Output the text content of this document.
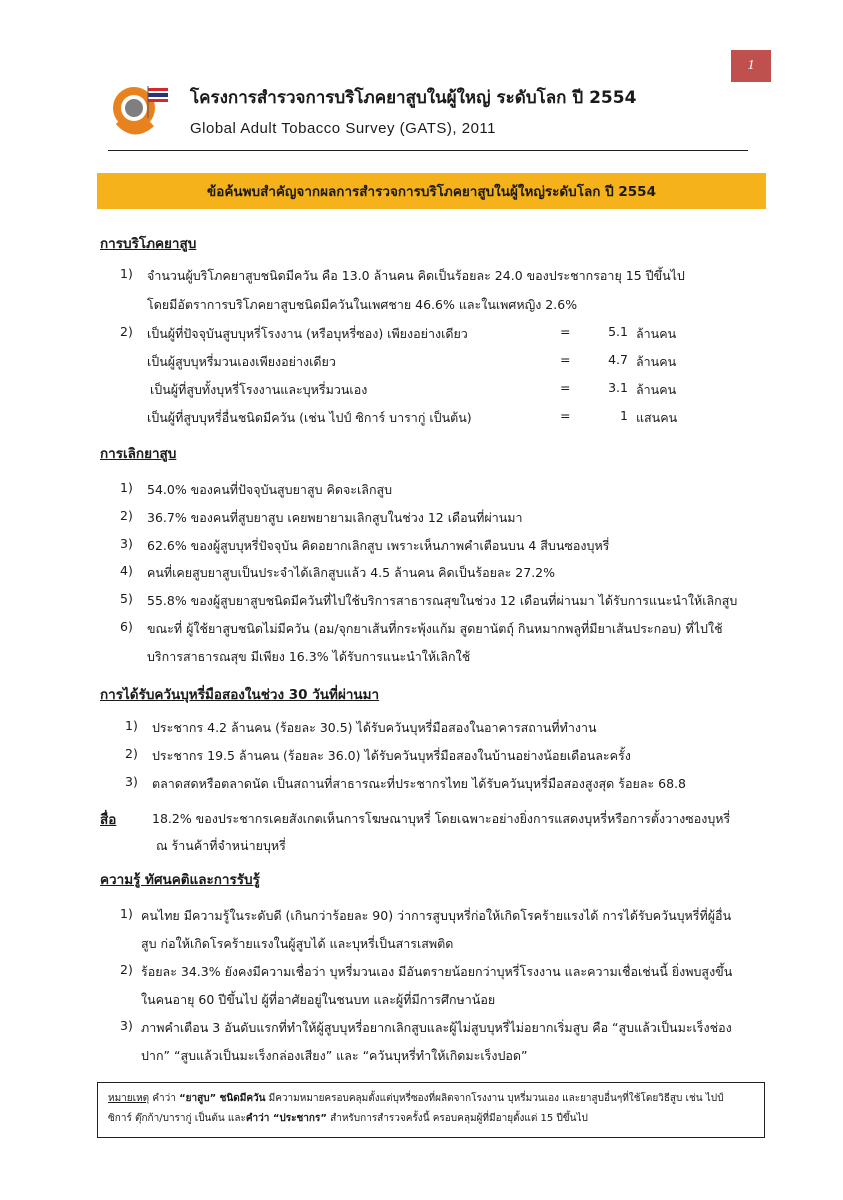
1
โครงการสำรวจการบริโภคยาสูบในผู้ใหญ่ ระดับโลก ปี 2554
Global Adult Tobacco Survey (GATS), 2011
ข้อค้นพบสำคัญจากผลการสำรวจการบริโภคยาสูบในผู้ใหญ่ระดับโลก ปี 2554
การบริโภคยาสูบ
1) จำนวนผู้บริโภคยาสูบชนิดมีควัน คือ 13.0 ล้านคน คิดเป็นร้อยละ 24.0 ของประชากรอายุ 15 ปีขึ้นไป
โดยมีอัตราการบริโภคยาสูบชนิดมีควันในเพศชาย 46.6% และในเพศหญิง 2.6%
2) เป็นผู้ที่ปัจจุบันสูบบุหรี่โรงงาน (หรือบุหรี่ซอง) เพียงอย่างเดียว	=	5.1 ล้านคน
เป็นผู้สูบบุหรี่มวนเองเพียงอย่างเดียว	=	4.7 ล้านคน
เป็นผู้ที่สูบทั้งบุหรี่โรงงานและบุหรี่มวนเอง	=	3.1 ล้านคน
เป็นผู้ที่สูบบุหรี่อื่นชนิดมีควัน (เช่น ไปป์ ซิการ์ บารากู่ เป็นต้น)	=	1 แสนคน
การเลิกยาสูบ
1) 54.0% ของคนที่ปัจจุบันสูบยาสูบ คิดจะเลิกสูบ
2) 36.7% ของคนที่สูบยาสูบ เคยพยายามเลิกสูบในช่วง 12 เดือนที่ผ่านมา
3) 62.6% ของผู้สูบบุหรี่ปัจจุบัน คิดอยากเลิกสูบ เพราะเห็นภาพคำเตือนบน 4 สีบนซองบุหรี่
4) คนที่เคยสูบยาสูบเป็นประจำได้เลิกสูบแล้ว 4.5 ล้านคน คิดเป็นร้อยละ 27.2%
5) 55.8% ของผู้สูบยาสูบชนิดมีควันที่ไปใช้บริการสาธารณสุขในช่วง 12 เดือนที่ผ่านมา ได้รับการแนะนำให้เลิกสูบ
6) ขณะที่ ผู้ใช้ยาสูบชนิดไม่มีควัน (อม/จุกยาเส้นที่กระพุ้งแก้ม สูดยานัตถุ์ กินหมากพลูที่มียาเส้นประกอบ) ที่ไปใช้
บริการสาธารณสุข มีเพียง 16.3% ได้รับการแนะนำให้เลิกใช้
การได้รับควันบุหรี่มือสองในช่วง 30 วันที่ผ่านมา
1) ประชากร 4.2 ล้านคน (ร้อยละ 30.5) ได้รับควันบุหรี่มือสองในอาคารสถานที่ทำงาน
2) ประชากร 19.5 ล้านคน (ร้อยละ 36.0) ได้รับควันบุหรี่มือสองในบ้านอย่างน้อยเดือนละครั้ง
3) ตลาดสดหรือตลาดนัด เป็นสถานที่สาธารณะที่ประชากรไทย ได้รับควันบุหรี่มือสองสูงสุด ร้อยละ 68.8
สื่อ	18.2% ของประชากรเคยสังเกตเห็นการโฆษณาบุหรี่ โดยเฉพาะอย่างยิ่งการแสดงบุหรี่หรือการตั้งวางซองบุหรี่
ณ ร้านค้าที่จำหน่ายบุหรี่
ความรู้ ทัศนคติและการรับรู้
1) คนไทย มีความรู้ในระดับดี (เกินกว่าร้อยละ 90) ว่าการสูบบุหรี่ก่อให้เกิดโรคร้ายแรงได้ การได้รับควันบุหรี่ที่ผู้อื่น
สูบ ก่อให้เกิดโรคร้ายแรงในผู้สูบได้ และบุหรี่เป็นสารเสพติด
2) ร้อยละ 34.3% ยังคงมีความเชื่อว่า บุหรี่มวนเอง มีอันตรายน้อยกว่าบุหรี่โรงงาน และความเชื่อเช่นนี้ ยิ่งพบสูงขึ้น
ในคนอายุ 60 ปีขึ้นไป ผู้ที่อาศัยอยู่ในชนบท และผู้ที่มีการศึกษาน้อย
3) ภาพคำเตือน 3 อันดับแรกที่ทำให้ผู้สูบบุหรี่อยากเลิกสูบและผู้ไม่สูบบุหรี่ไม่อยากเริ่มสูบ คือ “สูบแล้วเป็นมะเร็งช่อง
ปาก” “สูบแล้วเป็นมะเร็งกล่องเสียง” และ “ควันบุหรี่ทำให้เกิดมะเร็งปอด”
หมายเหตุ คำว่า “ยาสูบ” ชนิดมีควัน มีความหมายครอบคลุมตั้งแต่บุหรี่ซองที่ผลิตจากโรงงาน บุหรี่มวนเอง และยาสูบอื่นๆที่ใช้โดยวิธีสูบ เช่น ไปป์
ซิการ์ ตุ๊กก้า/บารากู่ เป็นต้น และคำว่า “ประชากร” สำหรับการสำรวจครั้งนี้ ครอบคลุมผู้ที่มีอายุตั้งแต่ 15 ปีขึ้นไป
